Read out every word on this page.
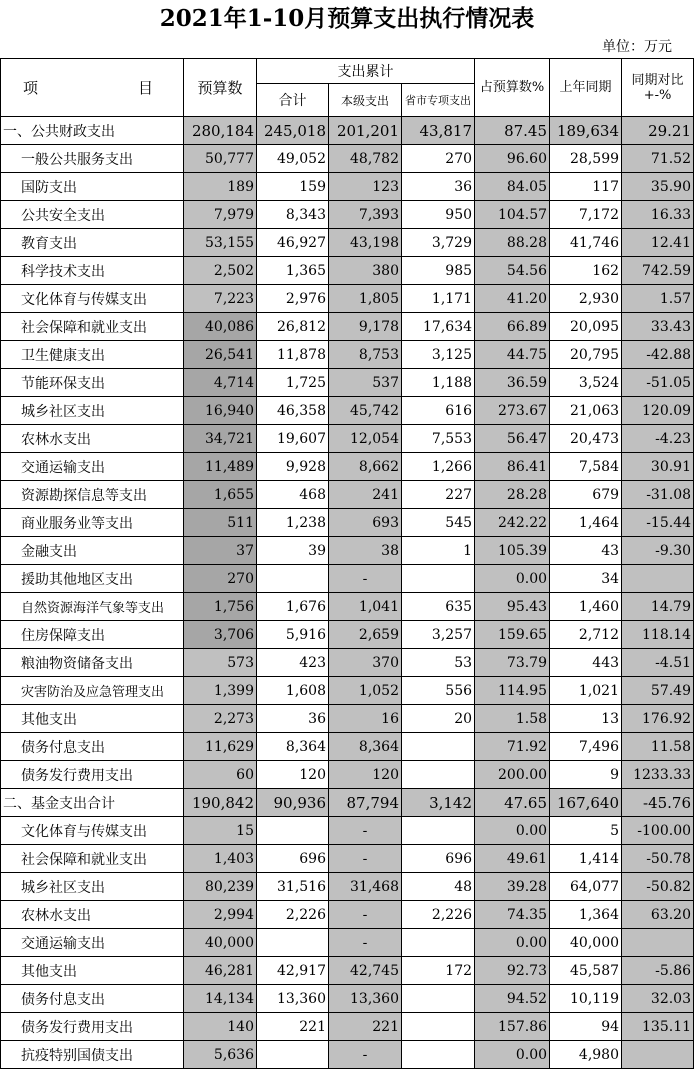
2021年1-10月预算支出执行情况表
单位：万元
项 目	预算数	支出累计			占预算数%	上年同期	同期对比+-%
		合计	本级支出	省市专项支出			
一、公共财政支出	280,184	245,018	201,201	43,817	87.45	189,634	29.21
一般公共服务支出	50,777	49,052	48,782	270	96.60	28,599	71.52
国防支出	189	159	123	36	84.05	117	35.90
公共安全支出	7,979	8,343	7,393	950	104.57	7,172	16.33
教育支出	53,155	46,927	43,198	3,729	88.28	41,746	12.41
科学技术支出	2,502	1,365	380	985	54.56	162	742.59
文化体育与传媒支出	7,223	2,976	1,805	1,171	41.20	2,930	1.57
社会保障和就业支出	40,086	26,812	9,178	17,634	66.89	20,095	33.43
卫生健康支出	26,541	11,878	8,753	3,125	44.75	20,795	-42.88
节能环保支出	4,714	1,725	537	1,188	36.59	3,524	-51.05
城乡社区支出	16,940	46,358	45,742	616	273.67	21,063	120.09
农林水支出	34,721	19,607	12,054	7,553	56.47	20,473	-4.23
交通运输支出	11,489	9,928	8,662	1,266	86.41	7,584	30.91
资源勘探信息等支出	1,655	468	241	227	28.28	679	-31.08
商业服务业等支出	511	1,238	693	545	242.22	1,464	-15.44
金融支出	37	39	38	1	105.39	43	-9.30
援助其他地区支出	270		-		0.00	34	
自然资源海洋气象等支出	1,756	1,676	1,041	635	95.43	1,460	14.79
住房保障支出	3,706	5,916	2,659	3,257	159.65	2,712	118.14
粮油物资储备支出	573	423	370	53	73.79	443	-4.51
灾害防治及应急管理支出	1,399	1,608	1,052	556	114.95	1,021	57.49
其他支出	2,273	36	16	20	1.58	13	176.92
债务付息支出	11,629	8,364	8,364		71.92	7,496	11.58
债务发行费用支出	60	120	120		200.00	9	1233.33
二、基金支出合计	190,842	90,936	87,794	3,142	47.65	167,640	-45.76
文化体育与传媒支出	15		-		0.00	5	-100.00
社会保障和就业支出	1,403	696	-	696	49.61	1,414	-50.78
城乡社区支出	80,239	31,516	31,468	48	39.28	64,077	-50.82
农林水支出	2,994	2,226	-	2,226	74.35	1,364	63.20
交通运输支出	40,000		-		0.00	40,000	
其他支出	46,281	42,917	42,745	172	92.73	45,587	-5.86
债务付息支出	14,134	13,360	13,360		94.52	10,119	32.03
债务发行费用支出	140	221	221		157.86	94	135.11
抗疫特别国债支出	5,636		-		0.00	4,980	
